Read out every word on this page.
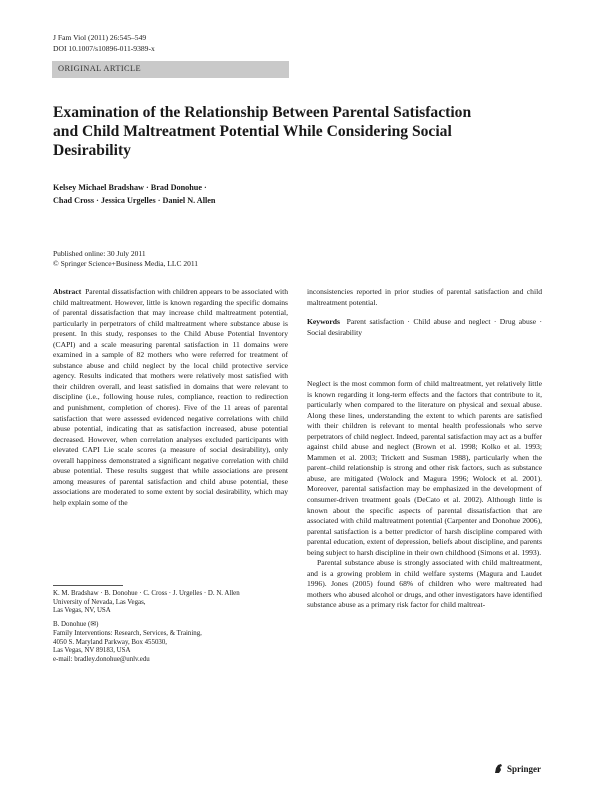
J Fam Viol (2011) 26:545–549
DOI 10.1007/s10896-011-9389-x
ORIGINAL ARTICLE
Examination of the Relationship Between Parental Satisfaction and Child Maltreatment Potential While Considering Social Desirability
Kelsey Michael Bradshaw · Brad Donohue ·
Chad Cross · Jessica Urgelles · Daniel N. Allen
Published online: 30 July 2011
© Springer Science+Business Media, LLC 2011

Abstract Parental dissatisfaction with children appears to be associated with child maltreatment. However, little is known regarding the specific domains of parental dissatisfaction that may increase child maltreatment potential, particularly in perpetrators of child maltreatment where substance abuse is present. In this study, responses to the Child Abuse Potential Inventory (CAPI) and a scale measuring parental satisfaction in 11 domains were examined in a sample of 82 mothers who were referred for treatment of substance abuse and child neglect by the local child protective service agency. Results indicated that mothers were relatively most satisfied with their children overall, and least satisfied in domains that were relevant to discipline (i.e., following house rules, compliance, reaction to redirection and punishment, completion of chores). Five of the 11 areas of parental satisfaction that were assessed evidenced negative correlations with child abuse potential, indicating that as satisfaction increased, abuse potential decreased. However, when correlation analyses excluded participants with elevated CAPI Lie scale scores (a measure of social desirability), only overall happiness demonstrated a significant negative correlation with child abuse potential. These results suggest that while associations are present among measures of parental satisfaction and child abuse potential, these associations are moderated to some extent by social desirability, which may help explain some of the

inconsistencies reported in prior studies of parental satisfaction and child maltreatment potential.

Keywords Parent satisfaction · Child abuse and neglect · Drug abuse · Social desirability

Neglect is the most common form of child maltreatment, yet relatively little is known regarding it long-term effects and the factors that contribute to it, particularly when compared to the literature on physical and sexual abuse. Along these lines, understanding the extent to which parents are satisfied with their children is relevant to mental health professionals who serve perpetrators of child neglect. Indeed, parental satisfaction may act as a buffer against child abuse and neglect (Brown et al. 1998; Kolko et al. 1993; Mammen et al. 2003; Trickett and Susman 1988), particularly when the parent–child relationship is strong and other risk factors, such as substance abuse, are mitigated (Wolock and Magura 1996; Wolock et al. 2001). Moreover, parental satisfaction may be emphasized in the development of consumer-driven treatment goals (DeCato et al. 2002). Although little is known about the specific aspects of parental dissatisfaction that are associated with child maltreatment potential (Carpenter and Donohue 2006), parental satisfaction is a better predictor of harsh discipline compared with parental education, extent of depression, beliefs about discipline, and parents being subject to harsh discipline in their own childhood (Simons et al. 1993).

Parental substance abuse is strongly associated with child maltreatment, and is a growing problem in child welfare systems (Magura and Laudet 1996). Jones (2005) found 68% of children who were maltreated had mothers who abused alcohol or drugs, and other investigators have identified substance abuse as a primary risk factor for child maltreat-

K. M. Bradshaw · B. Donohue · C. Cross · J. Urgelles · D. N. Allen
University of Nevada, Las Vegas,
Las Vegas, NV, USA
B. Donohue (✉)
Family Interventions: Research, Services, & Training,
4050 S. Maryland Parkway, Box 455030,
Las Vegas, NV 89183, USA
e-mail: bradley.donohue@unlv.edu
Springer
